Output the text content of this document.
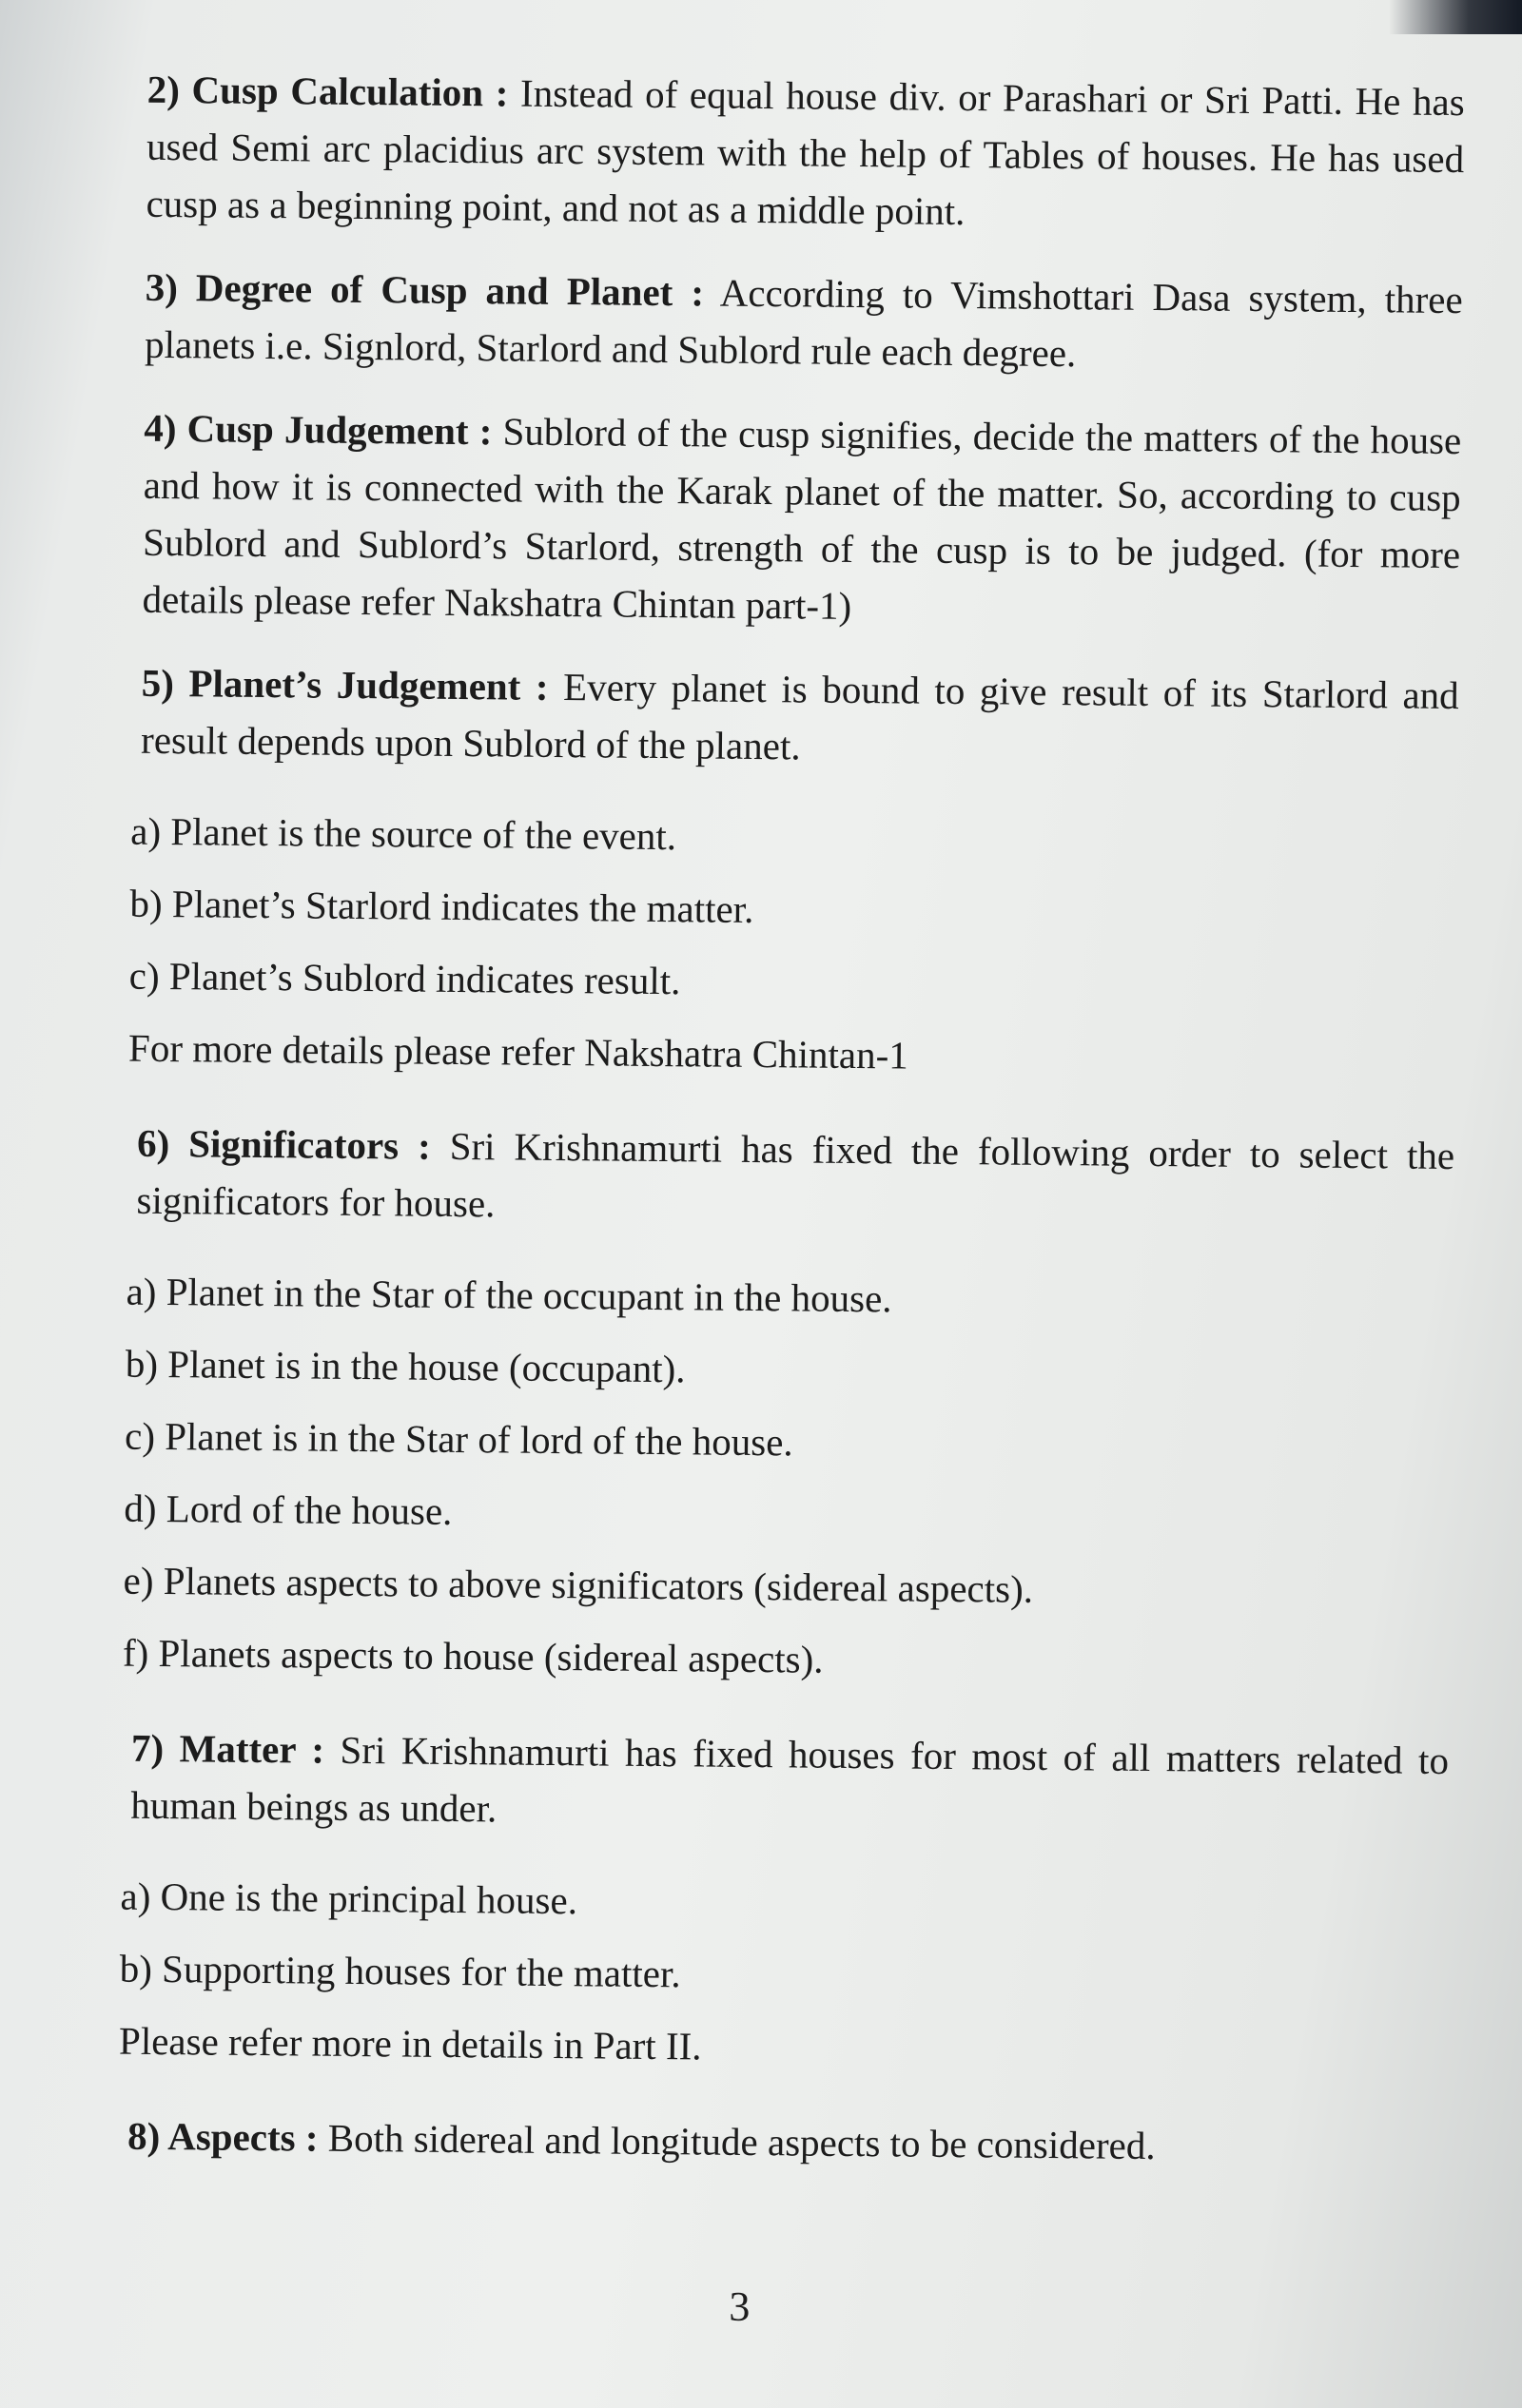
2) Cusp Calculation : Instead of equal house div. or Parashari or Sri Patti. He has used Semi arc placidius arc system with the help of Tables of houses. He has used cusp as a beginning point, and not as a middle point.
3) Degree of Cusp and Planet : According to Vimshottari Dasa system, three planets i.e. Signlord, Starlord and Sublord rule each degree.
4) Cusp Judgement : Sublord of the cusp signifies, decide the matters of the house and how it is connected with the Karak planet of the matter. So, according to cusp Sublord and Sublord’s Starlord, strength of the cusp is to be judged. (for more details please refer Nakshatra Chintan part-1)
5) Planet’s Judgement : Every planet is bound to give result of its Starlord and result depends upon Sublord of the planet.
a) Planet is the source of the event.
b) Planet’s Starlord indicates the matter.
c) Planet’s Sublord indicates result.
For more details please refer Nakshatra Chintan-1
6) Significators : Sri Krishnamurti has fixed the following order to select the significators for house.
a) Planet in the Star of the occupant in the house.
b) Planet is in the house (occupant).
c) Planet is in the Star of lord of the house.
d) Lord of the house.
e) Planets aspects to above significators (sidereal aspects).
f) Planets aspects to house (sidereal aspects).
7) Matter : Sri Krishnamurti has fixed houses for most of all matters related to human beings as under.
a) One is the principal house.
b) Supporting houses for the matter.
Please refer more in details in Part II.
8) Aspects : Both sidereal and longitude aspects to be considered.
3
